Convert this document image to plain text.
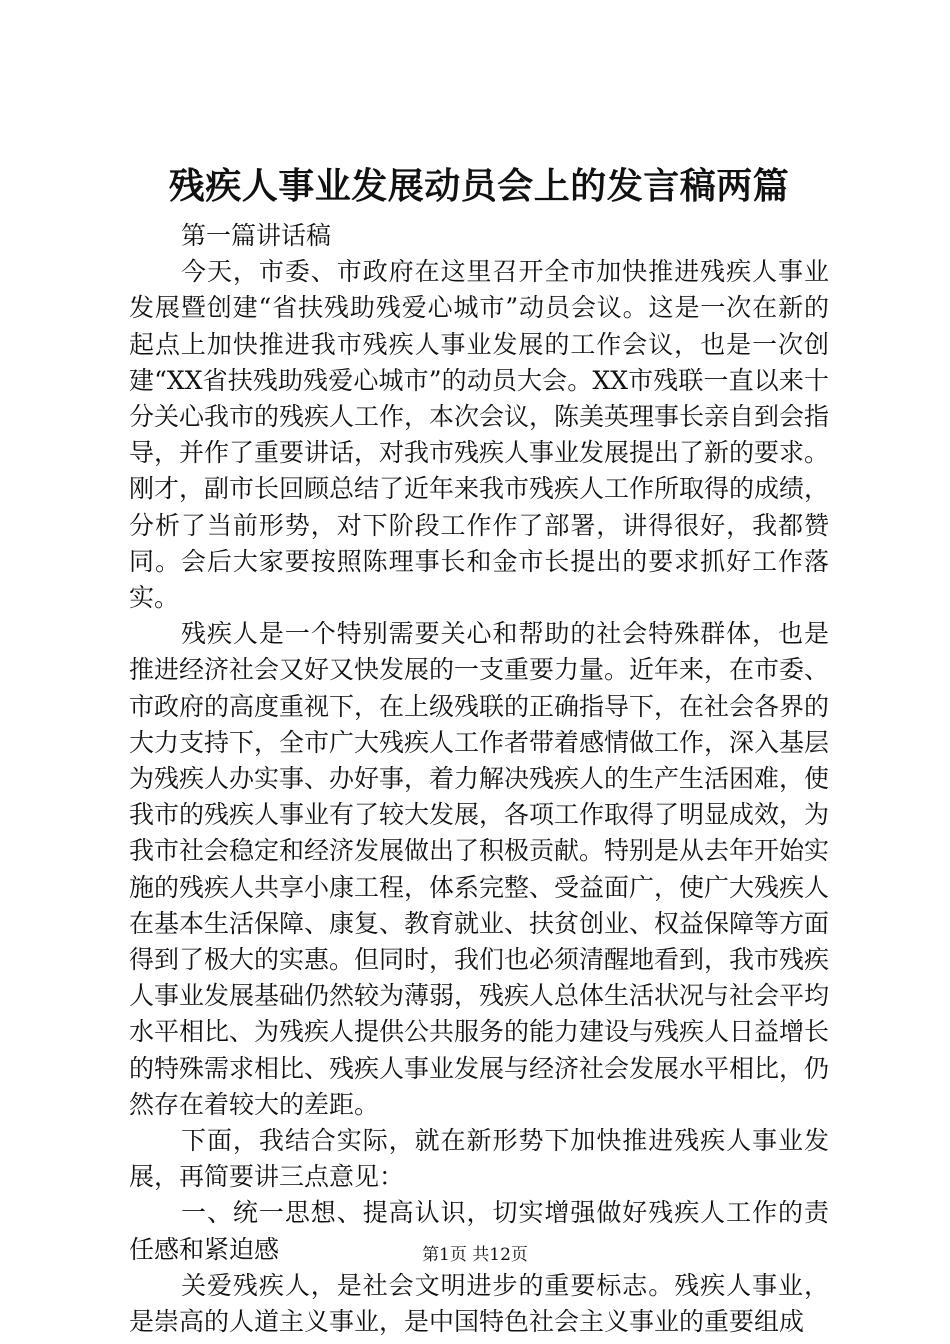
残疾人事业发展动员会上的发言稿两篇

第一篇讲话稿

今天，市委、市政府在这里召开全市加快推进残疾人事业发展暨创建“省扶残助残爱心城市”动员会议。这是一次在新的起点上加快推进我市残疾人事业发展的工作会议，也是一次创建“XX省扶残助残爱心城市”的动员大会。XX市残联一直以来十分关心我市的残疾人工作，本次会议，陈美英理事长亲自到会指导，并作了重要讲话，对我市残疾人事业发展提出了新的要求。刚才，副市长回顾总结了近年来我市残疾人工作所取得的成绩，分析了当前形势，对下阶段工作作了部署，讲得很好，我都赞同。会后大家要按照陈理事长和金市长提出的要求抓好工作落实。

残疾人是一个特别需要关心和帮助的社会特殊群体，也是推进经济社会又好又快发展的一支重要力量。近年来，在市委、市政府的高度重视下，在上级残联的正确指导下，在社会各界的大力支持下，全市广大残疾人工作者带着感情做工作，深入基层为残疾人办实事、办好事，着力解决残疾人的生产生活困难，使我市的残疾人事业有了较大发展，各项工作取得了明显成效，为我市社会稳定和经济发展做出了积极贡献。特别是从去年开始实施的残疾人共享小康工程，体系完整、受益面广，使广大残疾人在基本生活保障、康复、教育就业、扶贫创业、权益保障等方面得到了极大的实惠。但同时，我们也必须清醒地看到，我市残疾人事业发展基础仍然较为薄弱，残疾人总体生活状况与社会平均水平相比、为残疾人提供公共服务的能力建设与残疾人日益增长的特殊需求相比、残疾人事业发展与经济社会发展水平相比，仍然存在着较大的差距。

下面，我结合实际，就在新形势下加快推进残疾人事业发展，再简要讲三点意见：

一、统一思想、提高认识，切实增强做好残疾人工作的责任感和紧迫感

关爱残疾人，是社会文明进步的重要标志。残疾人事业，是崇高的人道主义事业，是中国特色社会主义事业的重要组成

第1页 共12页
